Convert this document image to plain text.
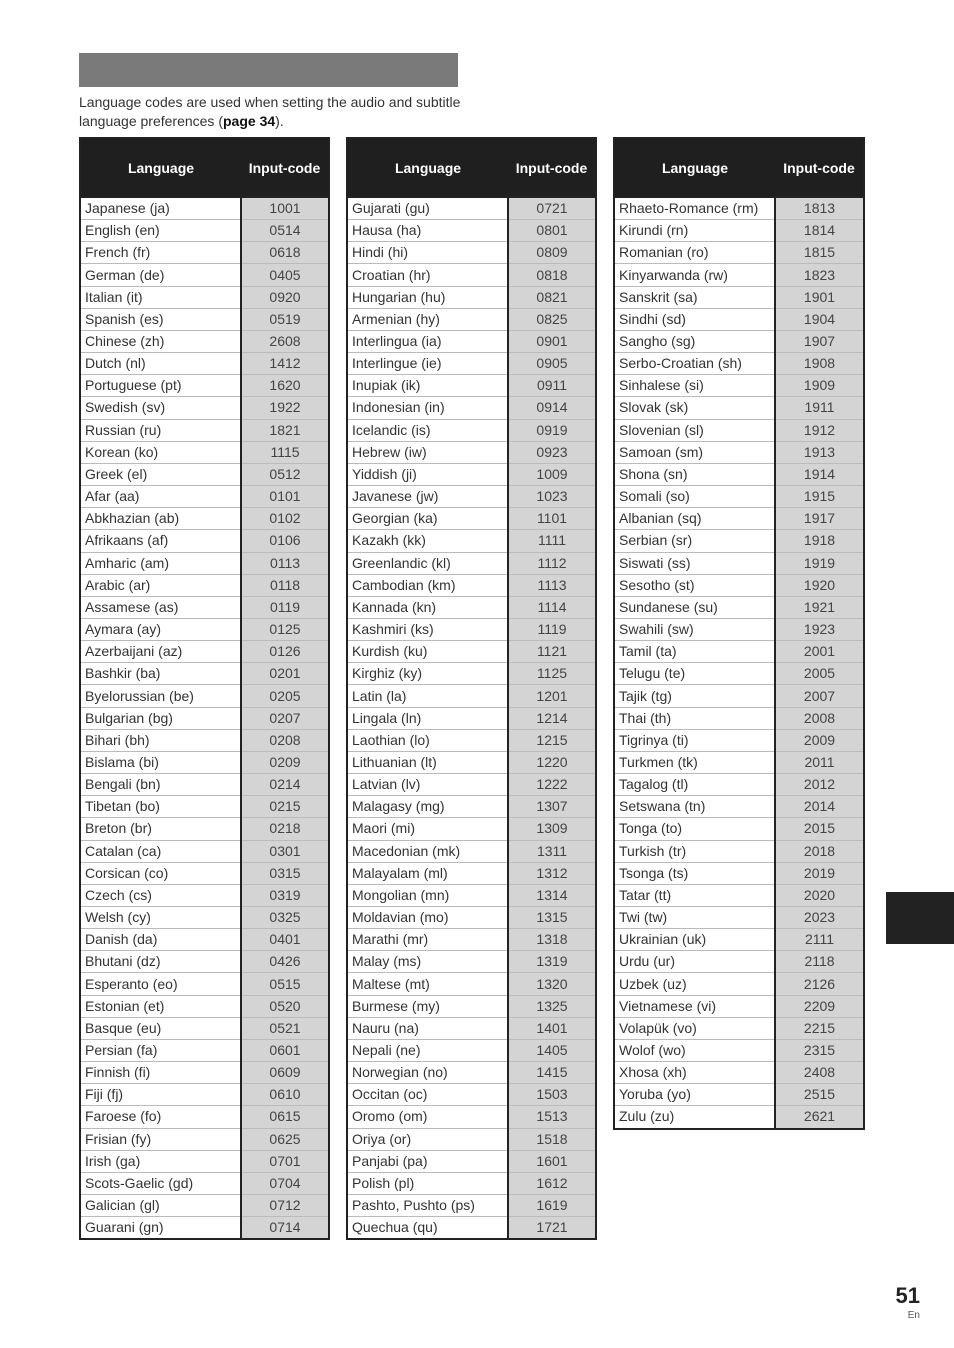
Language codes are used when setting the audio and subtitle language preferences (page 34).

Language	Input-code
Japanese (ja)	1001
English (en)	0514
French (fr)	0618
German (de)	0405
Italian (it)	0920
Spanish (es)	0519
Chinese (zh)	2608
Dutch (nl)	1412
Portuguese (pt)	1620
Swedish (sv)	1922
Russian (ru)	1821
Korean (ko)	1115
Greek (el)	0512
Afar (aa)	0101
Abkhazian (ab)	0102
Afrikaans (af)	0106
Amharic (am)	0113
Arabic (ar)	0118
Assamese (as)	0119
Aymara (ay)	0125
Azerbaijani (az)	0126
Bashkir (ba)	0201
Byelorussian (be)	0205
Bulgarian (bg)	0207
Bihari (bh)	0208
Bislama (bi)	0209
Bengali (bn)	0214
Tibetan (bo)	0215
Breton (br)	0218
Catalan (ca)	0301
Corsican (co)	0315
Czech (cs)	0319
Welsh (cy)	0325
Danish (da)	0401
Bhutani (dz)	0426
Esperanto (eo)	0515
Estonian (et)	0520
Basque (eu)	0521
Persian (fa)	0601
Finnish (fi)	0609
Fiji (fj)	0610
Faroese (fo)	0615
Frisian (fy)	0625
Irish (ga)	0701
Scots-Gaelic (gd)	0704
Galician (gl)	0712
Guarani (gn)	0714
Language	Input-code
Gujarati (gu)	0721
Hausa (ha)	0801
Hindi (hi)	0809
Croatian (hr)	0818
Hungarian (hu)	0821
Armenian (hy)	0825
Interlingua (ia)	0901
Interlingue (ie)	0905
Inupiak (ik)	0911
Indonesian (in)	0914
Icelandic (is)	0919
Hebrew (iw)	0923
Yiddish (ji)	1009
Javanese (jw)	1023
Georgian (ka)	1101
Kazakh (kk)	1111
Greenlandic (kl)	1112
Cambodian (km)	1113
Kannada (kn)	1114
Kashmiri (ks)	1119
Kurdish (ku)	1121
Kirghiz (ky)	1125
Latin (la)	1201
Lingala (ln)	1214
Laothian (lo)	1215
Lithuanian (lt)	1220
Latvian (lv)	1222
Malagasy (mg)	1307
Maori (mi)	1309
Macedonian (mk)	1311
Malayalam (ml)	1312
Mongolian (mn)	1314
Moldavian (mo)	1315
Marathi (mr)	1318
Malay (ms)	1319
Maltese (mt)	1320
Burmese (my)	1325
Nauru (na)	1401
Nepali (ne)	1405
Norwegian (no)	1415
Occitan (oc)	1503
Oromo (om)	1513
Oriya (or)	1518
Panjabi (pa)	1601
Polish (pl)	1612
Pashto, Pushto (ps)	1619
Quechua (qu)	1721
Language	Input-code
Rhaeto-Romance (rm)	1813
Kirundi (rn)	1814
Romanian (ro)	1815
Kinyarwanda (rw)	1823
Sanskrit (sa)	1901
Sindhi (sd)	1904
Sangho (sg)	1907
Serbo-Croatian (sh)	1908
Sinhalese (si)	1909
Slovak (sk)	1911
Slovenian (sl)	1912
Samoan (sm)	1913
Shona (sn)	1914
Somali (so)	1915
Albanian (sq)	1917
Serbian (sr)	1918
Siswati (ss)	1919
Sesotho (st)	1920
Sundanese (su)	1921
Swahili (sw)	1923
Tamil (ta)	2001
Telugu (te)	2005
Tajik (tg)	2007
Thai (th)	2008
Tigrinya (ti)	2009
Turkmen (tk)	2011
Tagalog (tl)	2012
Setswana (tn)	2014
Tonga (to)	2015
Turkish (tr)	2018
Tsonga (ts)	2019
Tatar (tt)	2020
Twi (tw)	2023
Ukrainian (uk)	2111
Urdu (ur)	2118
Uzbek (uz)	2126
Vietnamese (vi)	2209
Volapük (vo)	2215
Wolof (wo)	2315
Xhosa (xh)	2408
Yoruba (yo)	2515
Zulu (zu)	2621
51
En
